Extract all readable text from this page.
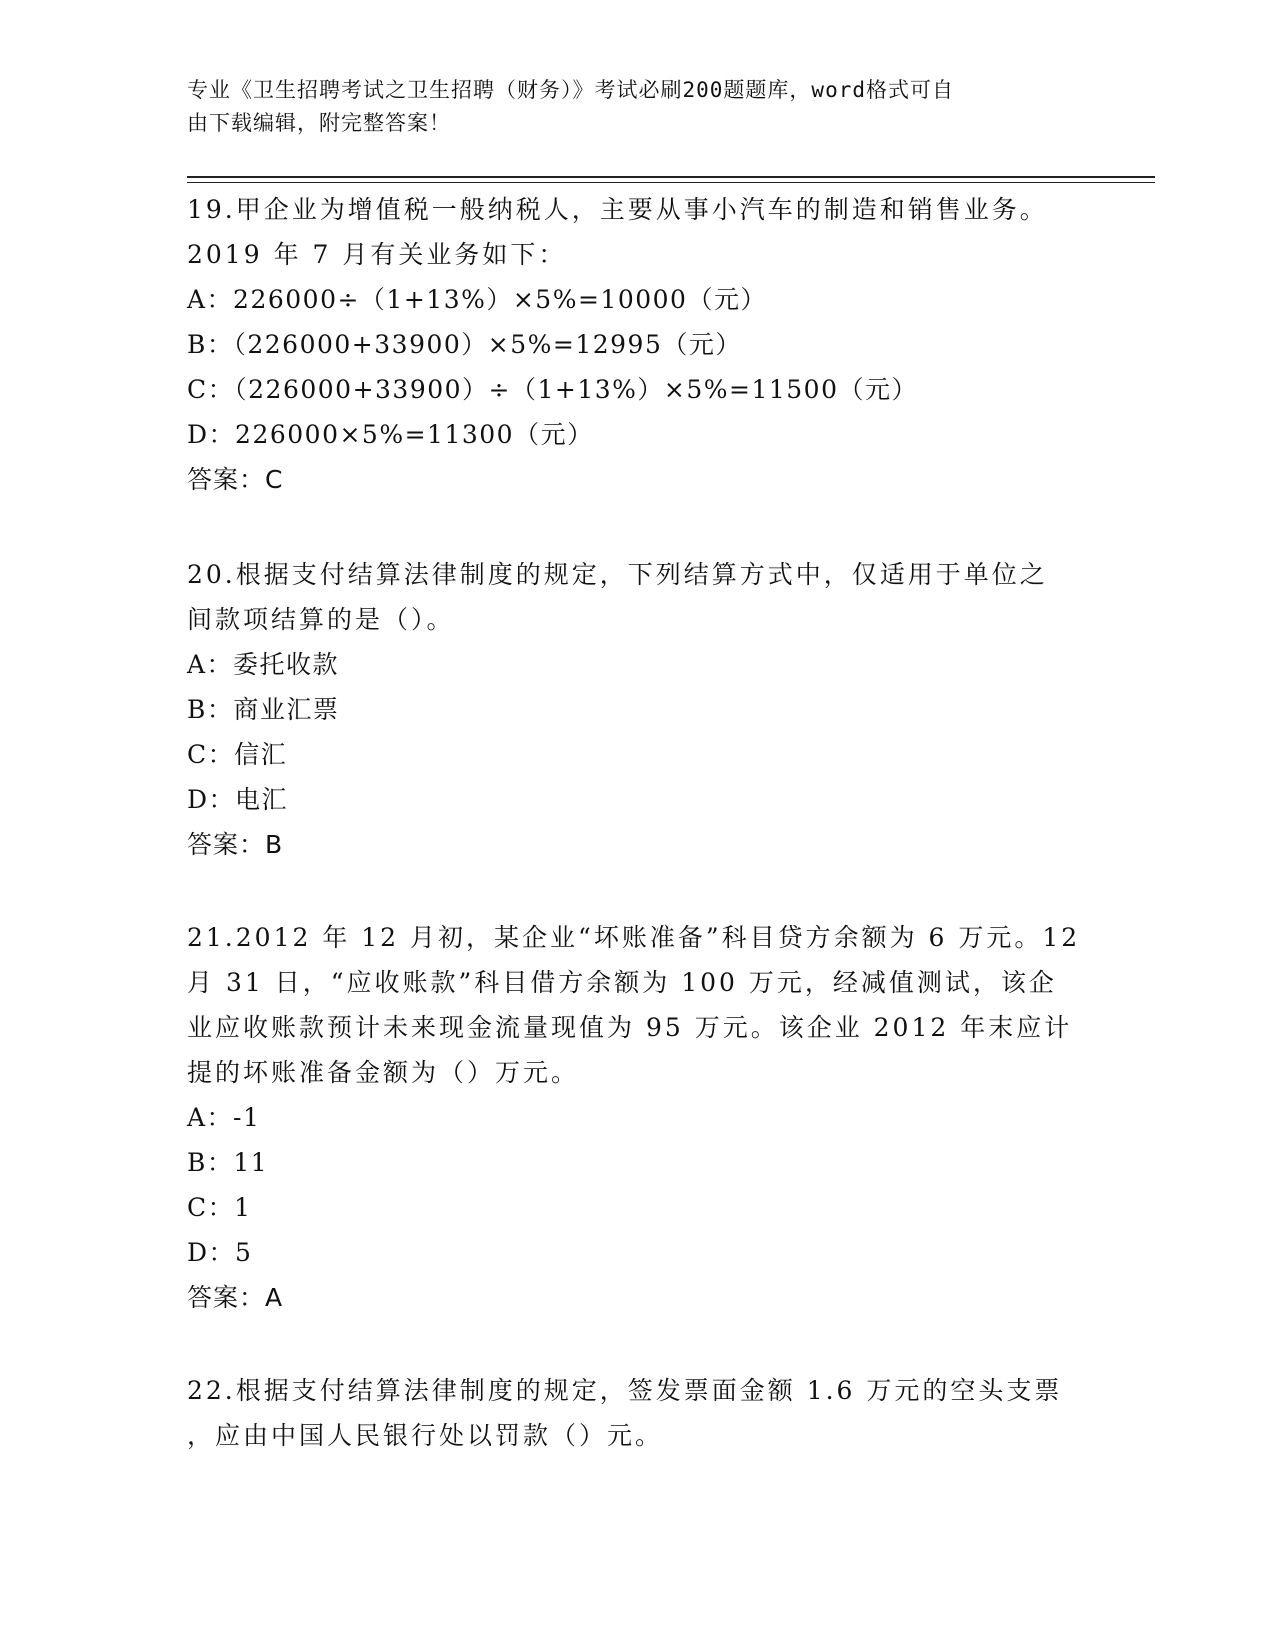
专业《卫生招聘考试之卫生招聘（财务）》考试必刷200题题库，word格式可自
由下载编辑，附完整答案！
19.甲企业为增值税一般纳税人，主要从事小汽车的制造和销售业务。
2019 年 7 月有关业务如下：
A：226000÷（1+13%）×5%=10000（元）
B：（226000+33900）×5%=12995（元）
C：（226000+33900）÷（1+13%）×5%=11500（元）
D：226000×5%=11300（元）
答案：C
20.根据支付结算法律制度的规定，下列结算方式中，仅适用于单位之
间款项结算的是（）。
A：委托收款
B：商业汇票
C：信汇
D：电汇
答案：B
21.2012 年 12 月初，某企业“坏账准备”科目贷方余额为 6 万元。12
月 31 日，“应收账款”科目借方余额为 100 万元，经减值测试，该企
业应收账款预计未来现金流量现值为 95 万元。该企业 2012 年末应计
提的坏账准备金额为（）万元。
A：-1
B：11
C：1
D：5
答案：A
22.根据支付结算法律制度的规定，签发票面金额 1.6 万元的空头支票
，应由中国人民银行处以罚款（）元。
